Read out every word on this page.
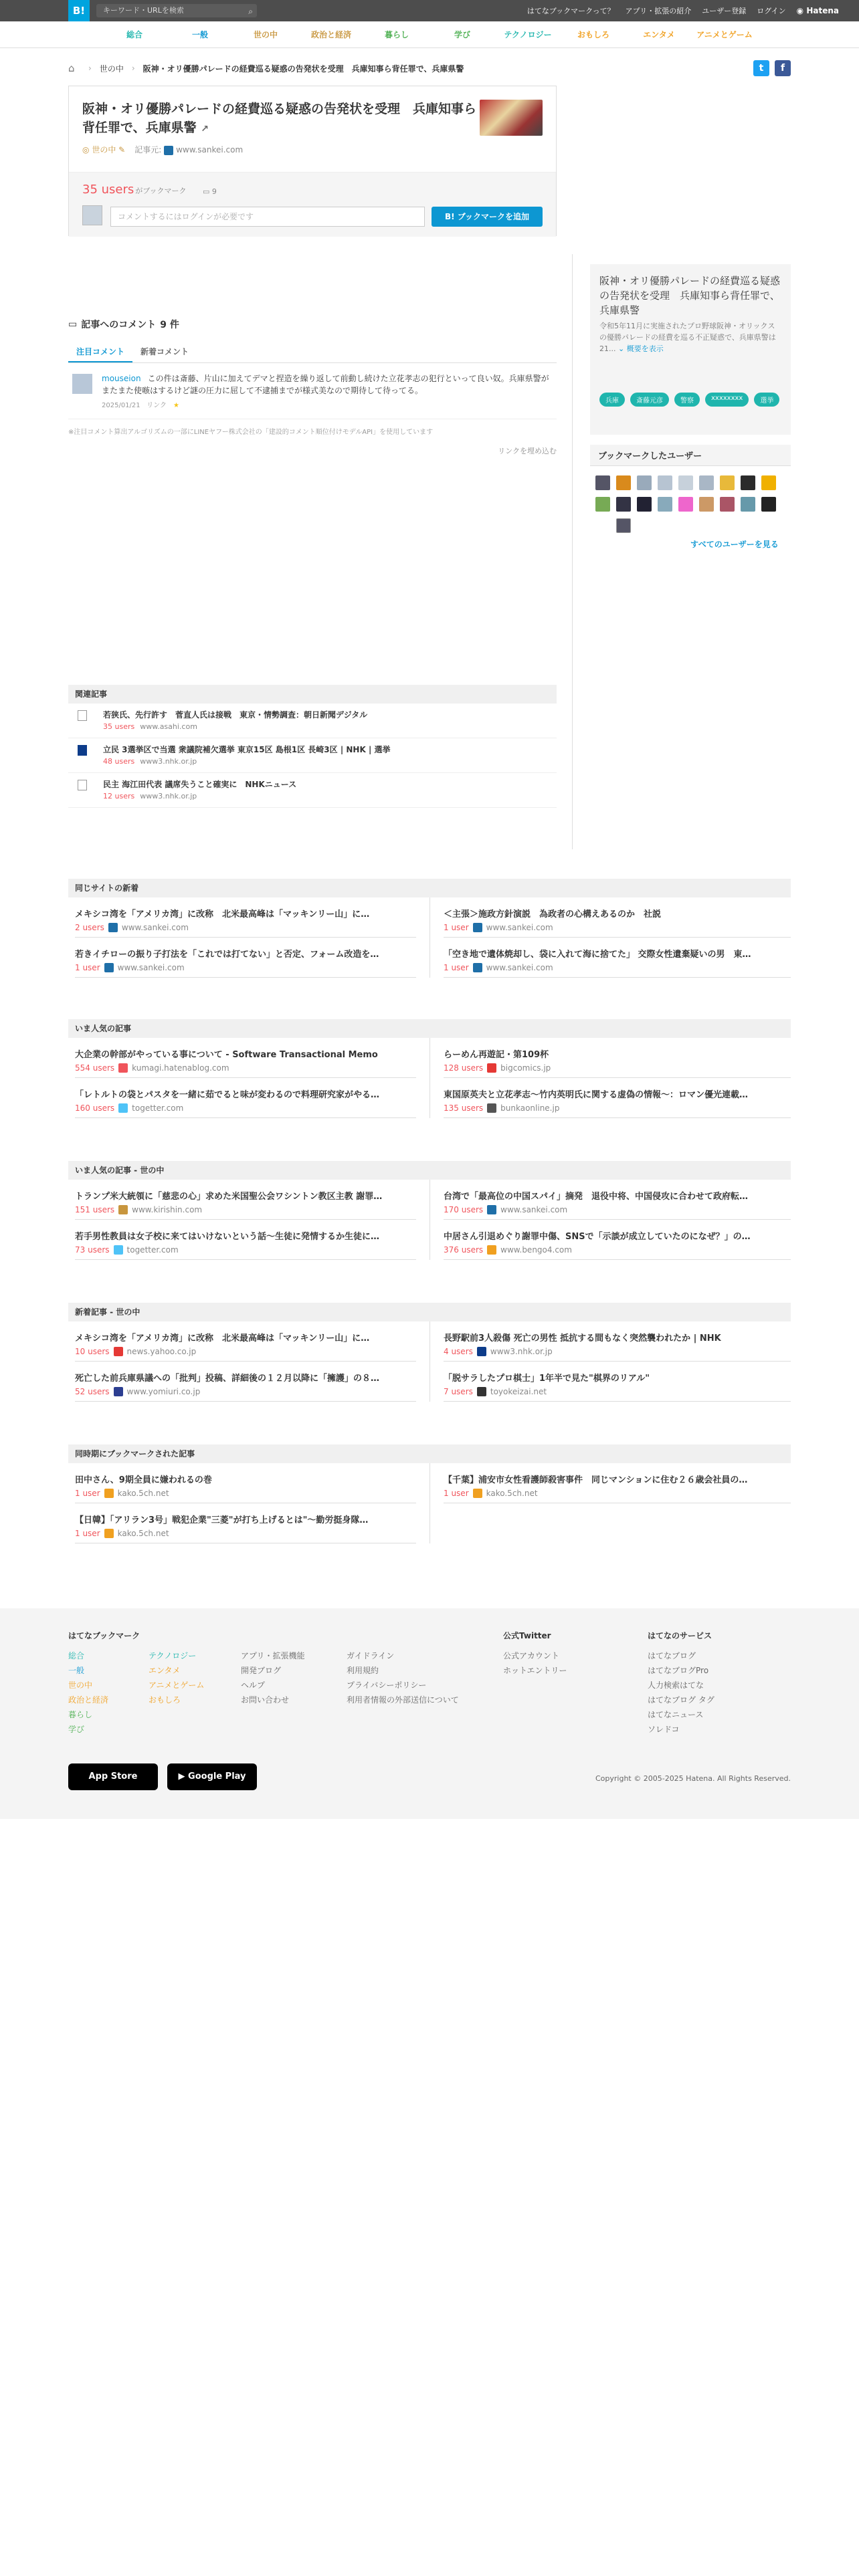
B!	キーワード・URLを検索	⌕	はてなブックマークって？ アプリ・拡張の紹介 ユーザー登録 ログイン ◉ Hatena
総合	一般	世の中	政治と経済	暮らし	学び	テクノロジー	おもしろ	エンタメ	アニメとゲーム
⌂	› 世の中 › 阪神・オリ優勝パレードの経費巡る疑惑の告発状を受理　兵庫知事ら背任罪で、兵庫県警	t	f
阪神・オリ優勝パレードの経費巡る疑惑の告発状を受理　兵庫知事ら背任罪で、兵庫県警 ↗
◎ 世の中 ✎ 記事元: www.sankei.com
35 users がブックマーク ▭ 9
コメントするにはログインが必要です	B! ブックマークを追加
阪神・オリ優勝パレードの経費巡る疑惑の告発状を受理　兵庫知事ら背任罪で、兵庫県警

令和5年11月に実施されたプロ野球阪神・オリックスの優勝パレードの経費を巡る不正疑惑で、兵庫県警は21... ⌄ 概要を表示

兵庫	斎藤元彦	警察	xxxxxxxx	選挙
ブックマークしたユーザー
すべてのユーザーを見る
▭ 記事へのコメント 9 件
注目コメント	新着コメント
mouseion この件は斎藤、片山に加えてデマと捏造を繰り返して前動し続けた立花孝志の犯行といって良い奴。兵庫県警がまたまた使嗾はするけど謎の圧力に屈して不逮捕までが様式美なので期待して待ってる。
2025/01/21 リンク ★
※注目コメント算出アルゴリズムの一部にLINEヤフー株式会社の「建設的コメント順位付けモデルAPI」を使用しています
リンクを埋め込む
関連記事
若狭氏、先行許す　菅直人氏は接戦　東京・情勢調査：朝日新聞デジタル
35 users www.asahi.com
立民 3選挙区で当選 衆議院補欠選挙 東京15区 島根1区 長崎3区 | NHK | 選挙
48 users www3.nhk.or.jp
民主 海江田代表 議席失うこと確実に　NHKニュース
12 users www3.nhk.or.jp
同じサイトの新着
メキシコ湾を「アメリカ湾」に改称　北米最高峰は「マッキンリー山」に…
2 users www.sankei.com
若きイチローの振り子打法を「これでは打てない」と否定、フォーム改造を…
1 user www.sankei.com
＜主張＞施政方針演説　為政者の心構えあるのか　社説
1 user www.sankei.com
「空き地で遺体焼却し、袋に入れて海に捨てた」 交際女性遺棄疑いの男　東…
1 user www.sankei.com
いま人気の記事
大企業の幹部がやっている事について - Software Transactional Memo
554 users kumagi.hatenablog.com
「レトルトの袋とパスタを一緒に茹でると味が変わるので料理研究家がやる…
160 users togetter.com
らーめん再遊記・第109杯
128 users bigcomics.jp
東国原英夫と立花孝志〜竹内英明氏に関する虚偽の情報〜：ロマン優光連載…
135 users bunkaonline.jp
いま人気の記事 - 世の中
トランプ米大統領に「慈悲の心」求めた米国聖公会ワシントン教区主教 謝罪…
151 users www.kirishin.com
若手男性教員は女子校に来てはいけないという話〜生徒に発情するか生徒に…
73 users togetter.com
台湾で「最高位の中国スパイ」摘発　退役中将、中国侵攻に合わせて政府転…
170 users www.sankei.com
中居さん引退めぐり謝罪中傷、SNSで「示談が成立していたのになぜ？」の…
376 users www.bengo4.com
新着記事 - 世の中
メキシコ湾を「アメリカ湾」に改称　北米最高峰は「マッキンリー山」に…
10 users news.yahoo.co.jp
死亡した前兵庫県議への「批判」投稿、詳細後の１２月以降に「擁護」の８…
52 users www.yomiuri.co.jp
長野駅前3人殺傷 死亡の男性 抵抗する間もなく突然襲われたか | NHK
4 users www3.nhk.or.jp
「脱サラしたプロ棋士」1年半で見た"棋界のリアル"
7 users toyokeizai.net
同時期にブックマークされた記事
田中さん、9期全員に嫌われるの巻
1 user kako.5ch.net
【日韓】「アリラン3号」戦犯企業"三菱"が打ち上げるとは"〜勤労挺身隊…
1 user kako.5ch.net
【千葉】浦安市女性看護師殺害事件　同じマンションに住む２６歳会社員の…
1 user kako.5ch.net
はてなブックマーク
総合
一般
世の中
政治と経済
暮らし
学び
テクノロジー
エンタメ
アニメとゲーム
おもしろ
アプリ・拡張機能
開発ブログ
ヘルプ
お問い合わせ
ガイドライン
利用規約
プライバシーポリシー
利用者情報の外部送信について
公式Twitter
公式アカウント
ホットエントリー
はてなのサービス
はてなブログ
はてなブログPro
人力検索はてな
はてなブログ タグ
はてなニュース
ソレドコ
App Store	▶ Google Play	Copyright © 2005-2025 Hatena. All Rights Reserved.
